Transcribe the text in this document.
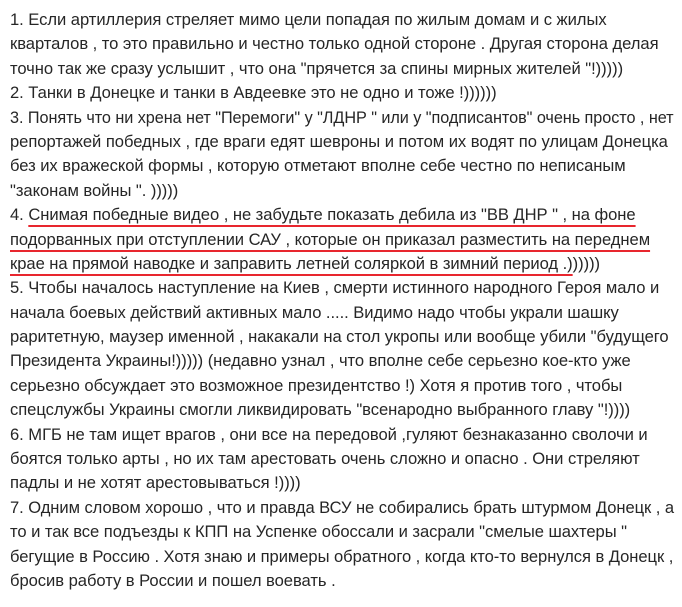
1. Если артиллерия стреляет мимо цели попадая по жилым домам и с жилых
кварталов , то это правильно и честно только одной стороне . Другая сторона делая
точно так же сразу услышит , что она "прячется за спины мирных жителей "!)))))
2. Танки в Донецке и танки в Авдеевке это не одно и тоже !))))))
3. Понять что ни хрена нет "Перемоги" у "ЛДНР " или у "подписантов" очень просто , нет
репортажей победных , где враги едят шевроны и потом их водят по улицам Донецка
без их вражеской формы , которую отметают вполне себе честно по неписаным
"законам войны ". )))))
4. Снимая победные видео , не забудьте показать дебила из "ВВ ДНР " , на фоне
подорванных при отступлении САУ , которые он приказал разместить на переднем
крае на прямой наводке и заправить летней соляркой в зимний период .))))))
5. Чтобы началось наступление на Киев , смерти истинного народного Героя мало и
начала боевых действий активных мало ..... Видимо надо чтобы украли шашку
раритетную, маузер именной , накакали на стол укропы или вообще убили "будущего
Президента Украины!))))) (недавно узнал , что вполне себе серьезно кое-кто уже
серьезно обсуждает это возможное президентство !) Хотя я против того , чтобы
спецслужбы Украины смогли ликвидировать "всенародно выбранного главу "!))))
6. МГБ не там ищет врагов , они все на передовой ,гуляют безнаказанно сволочи и
боятся только арты , но их там арестовать очень сложно и опасно . Они стреляют
падлы и не хотят арестовываться !))))
7. Одним словом хорошо , что и правда ВСУ не собирались брать штурмом Донецк , а
то и так все подъезды к КПП на Успенке обоссали и засрали "смелые шахтеры "
бегущие в Россию . Хотя знаю и примеры обратного , когда кто-то вернулся в Донецк ,
бросив работу в России и пошел воевать .
